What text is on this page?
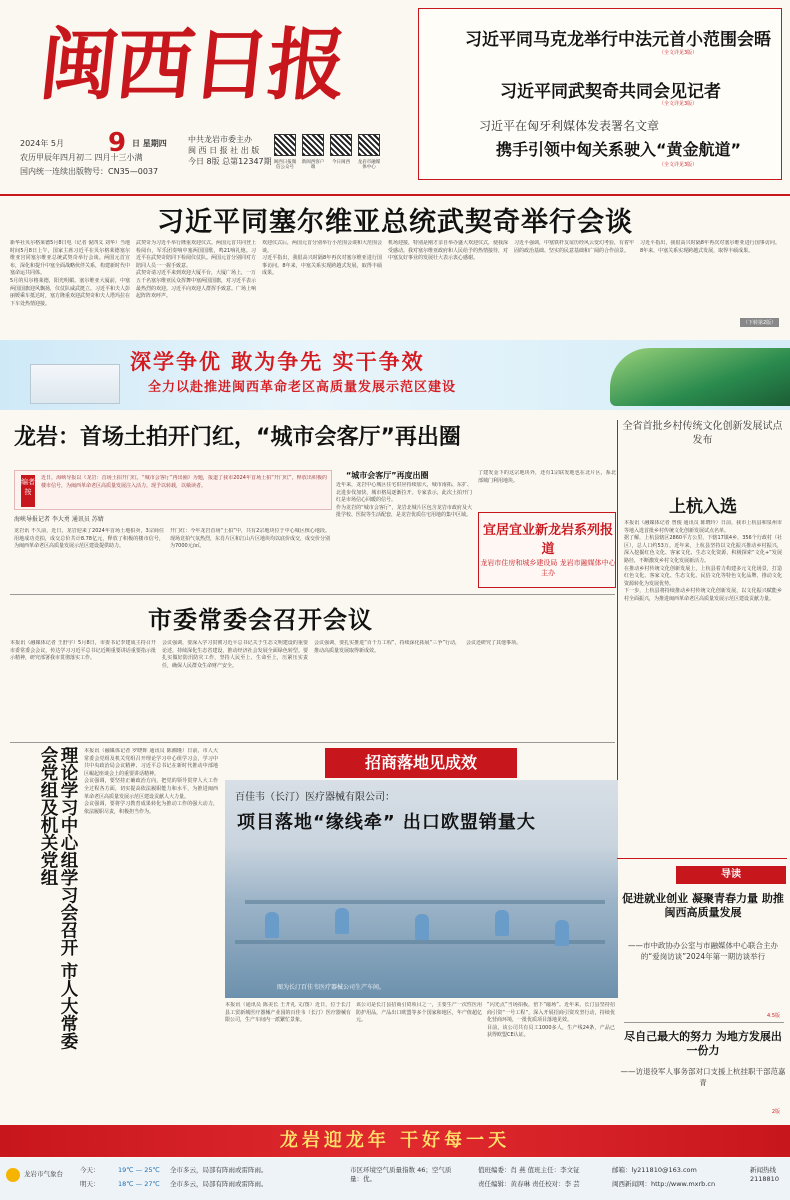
闽西日报
2024年 5月	日 星期四
农历甲辰年四月初二 四月十三小满
国内统一连续出版物号：CN35—0037
9	中共龙岩市委主办
闽 西 日 报 社 出 版
今日 8版 总第12347期 闽西日报微信公众号
新闽西客户端
今日闽西	龙岩市融媒体中心
习近平同马克龙举行中法元首小范围会晤
（全文详见3版）
习近平同武契奇共同会见记者
（全文详见3版）
习近平在匈牙利媒体发表署名文章
携手引领中匈关系驶入“黄金航道”
（全文详见3版）
习近平同塞尔维亚总统武契奇举行会谈
新华社贝尔格莱德5月8日电（记者 倪四义 刘华）当地时间5月8日上午，国家主席习近平在贝尔格莱德塞尔维亚宫同塞尔维亚总统武契奇举行会谈。两国元首宣布，深化和提升中塞全面战略伙伴关系，构建新时代中塞命运共同体。
5月的贝尔格莱德，阳光明媚。塞尔维亚大厦前，中塞两国国旗迎风飘扬，仪仗队威武挺立。习近平和夫人彭丽媛乘车抵达时，塞方隆重欢迎武契奇和夫人塔玛拉在下车处热情迎接。
武契奇为习近平举行隆重欢迎仪式。两国元首共同登上检阅台，军乐团奏响中塞两国国歌，鸣21响礼炮。习近平在武契奇陪同下检阅仪仗队。两国元首分别同对方陪同人员一一握手致意。
武契奇请习近平来到欢迎大厦平台，大厦广场上，一万五千名塞尔维亚民众挥舞中塞两国国旗，对习近平表示最热烈的欢迎。习近平向欢迎人群挥手致意。广场上响起阵阵欢呼声。
欢迎仪式后，两国元首分别举行小范围会谈和大范围会谈。
习近平指出，我很高兴时隔8年再次对塞尔维亚进行国事访问。8年来，中塞关系实现跨越式发展，取得丰硕成果。
机场迎接，特别是刚才亲自举办盛大欢迎仪式，使我深受感动。我对塞尔维亚政府和人民给予的热情接待，对中塞友好事业的发展壮大表示衷心感谢。
习近平强调，中塞铁杆友谊历经风云变幻考验，有着牢固的政治基础、坚实的民意基础和广阔的合作前景。
习近平指出，我很高兴时隔8年再次对塞尔维亚进行国事访问。8年来，中塞关系实现跨越式发展，取得丰硕成果。
（下转第2版）
深学争优 敢为争先 实干争效
全力以赴推进闽西革命老区高质量发展示范区建设
龙岩：首场土拍开门红，“城市会客厅”再出圈
编者按
近日，海峡导报以《龙岩：首场土拍开门红，“城市会客厅”再出圈》为题，报道了我市2024年首场土拍“开门红”，释放出积极的楼市信号，为闽西革命老区高质量发展注入活力。现予以转载，以飨读者。
海峡导报记者 李大勇 通讯员 苏婧
龙岩讯 不久前，近日，龙岩迎来了2024年首场土地拍卖，3宗商住用地成功竞拍，成交总价共计8.78亿元，释放了积极的楼市信号，为闽西革命老区高质量发展示范区建设提供助力。
开门红：今年龙岩首场“土拍”中，共有2宗地块位于中心城区核心地段。现场竞拍气氛热烈，东肖片区和江山片区地块均以底价成交，成交价分别为7000元/㎡。
“城市会客厅”再度出圈
近年来，龙岩中心城区住宅供应持续加大，城市南拓、东扩、北进步伐加快，城市格局逐渐拉开。专家表示，此次土拍开门红是市场信心回暖的信号。
作为龙岩的“城市会客厅”，龙岩北城片区包含龙岩市政府及大批学校、医院等生活配套，是龙岩优质住宅用地的集中区域。
了建发金下的这宗地块外，还有1宗联发地也在北片区，系北部城门利用地块。
宜居宜业新龙岩系列报道
龙岩市住房和城乡建设局 龙岩市融媒体中心 主办
全省首批乡村传统文化创新发展试点发布
上杭入选
本报讯（融媒体记者 曾俊 通讯员 陈晓玲）日前，我市上杭县和泉州市等地入选首批乡村传统文化创新发展试点名单。
据了解，上杭县辖区2860平方公里，下辖17镇4乡，356个行政村（社区），总人口约53万。近年来，上杭县坚持以文化振兴推动乡村振兴，深入挖掘红色文化、客家文化、生态文化资源，积极探索“文化+”发展路径，不断激发乡村文化发展新活力。
在推动乡村传统文化创新发展上，上杭县着力构建多元文化场景，打造红色文化、客家文化、生态文化、民俗文化等特色文化品牌，推动文化资源转化为发展优势。
下一步，上杭县将持续推动乡村传统文化创新发展，以文化振兴赋能乡村全面振兴，为推进闽西革命老区高质量发展示范区建设贡献力量。
市委常委会召开会议
本报讯（融媒体记者 王舒宇）5月8日，市委书记李建成主持召开市委常委会会议，传达学习习近平总书记近期重要讲话重要指示批示精神，研究部署我市贯彻落实工作。
会议强调，要深入学习贯彻习近平总书记关于生态文明建设的重要论述，持续深化生态省建设，推动经济社会发展全面绿色转型。要扎实做好防汛防灾工作，坚持人民至上、生命至上，压紧压实责任，确保人民群众生命财产安全。
会议强调，要扎实推进“百千万工程”，持续深化拓展“三争”行动，推动高质量发展取得新成效。
会议还研究了其他事项。
理论学习中心组学习会召开 市人大常委会党组及机关党组	本报讯（融媒体记者 罗晓晖 通讯员 陈湘瑾）日前，市人大常委会党组及机关党组召开理论学习中心组学习会，学习中共中央政治局会议精神、习近平总书记在新时代推动中部地区崛起座谈会上的重要讲话精神。
会议强调，要坚持正确政治方向，把党的领导贯穿人大工作全过程各方面，切实提高依法履职能力和水平，为推进闽西革命老区高质量发展示范区建设贡献人大力量。
会议强调，要将学习教育成果转化为推动工作的强大动力，依法履职尽责，积极担当作为。
招商落地见成效
百佳韦（长汀）医疗器械有限公司：
项目落地“缘线牵” 出口欧盟销量大
图为长汀百佳韦医疗器械公司生产车间。
本报讯（通讯员 陈美长 王开礼 文/图）近日，位于长汀县工贸新城医疗器械产业园的百佳韦（长汀）医疗器械有限公司，生产车间内一派繁忙景象。
该公司是长汀县招商引资项目之一，主要生产一次性医用防护用品，产品出口欧盟等多个国家和地区，年产值超亿元。
“闪光点”当场拍板，倍下“磁场”。近年来，长汀县坚持招商引资“一号工程”，深入开展招商引资攻坚行动，持续优化营商环境，一批优质项目落地见效。
目前，该公司共有员工1000多人，生产线24条，产品已获得欧盟CE认证。
导读
促进就业创业 凝聚青春力量 助推闽西高质量发展
——市中政协办公室与市融媒体中心联合主办的“爱岗访谈”2024年第一期访谈举行
4.5版
尽自己最大的努力 为地方发展出一份力
——访退役军人事务部对口支援上杭挂职干部范嘉青
2版
龙岩迎龙年 干好每一天
龙岩市气象台	今天：	19℃ — 25℃ 全市多云，局部有阵雨或雷阵雨。
明天：	18℃ — 27℃ 全市多云，局部有阵雨或雷阵雨。
市区环境空气质量指数 46；空气质量：优。
值班编委：肖 燕 值班主任：李文钲
责任编辑：黄春琳 责任校对：李 芸
邮箱：ly211810@163.com
闽西新闻网：http://www.mxrb.cn
新闻热线 2118810
